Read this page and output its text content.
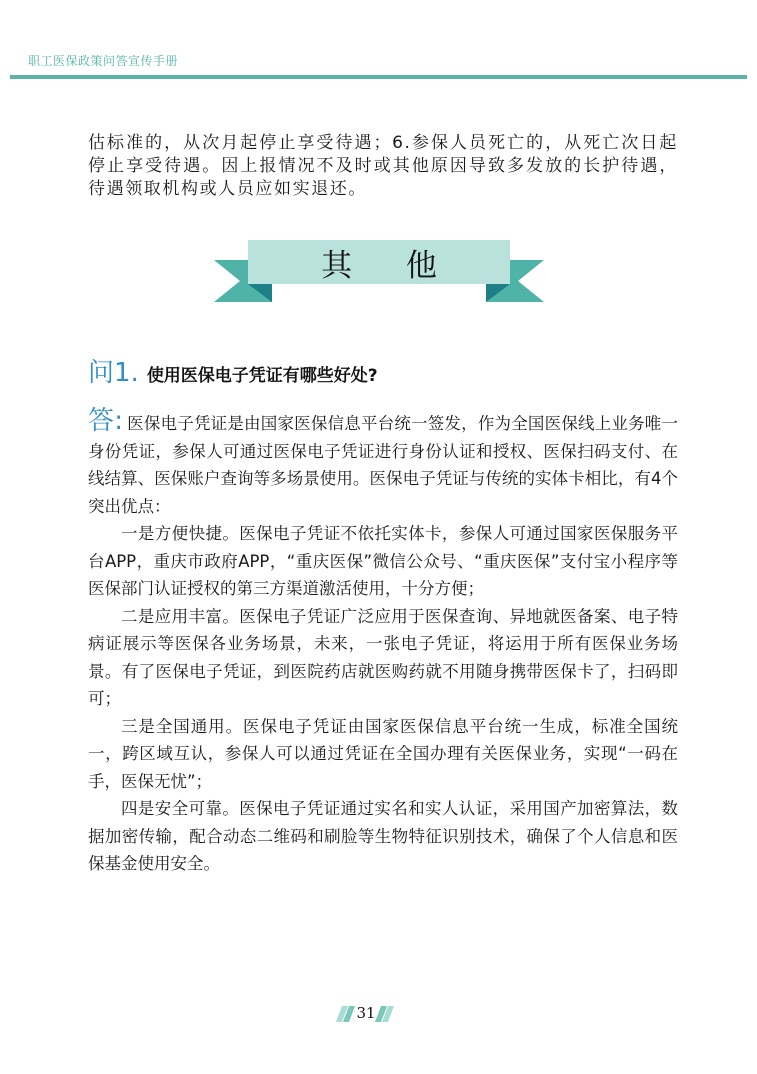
职工医保政策问答宣传手册

估标准的，从次月起停止享受待遇；6.参保人员死亡的，从死亡次日起停止享受待遇。因上报情况不及时或其他原因导致多发放的长护待遇，待遇领取机构或人员应如实退还。

其 他
问1. 使用医保电子凭证有哪些好处?

答: 医保电子凭证是由国家医保信息平台统一签发，作为全国医保线上业务唯一身份凭证，参保人可通过医保电子凭证进行身份认证和授权、医保扫码支付、在线结算、医保账户查询等多场景使用。医保电子凭证与传统的实体卡相比，有4个突出优点：

一是方便快捷。医保电子凭证不依托实体卡，参保人可通过国家医保服务平台APP，重庆市政府APP，“重庆医保”微信公众号、“重庆医保”支付宝小程序等医保部门认证授权的第三方渠道激活使用，十分方便；

二是应用丰富。医保电子凭证广泛应用于医保查询、异地就医备案、电子特病证展示等医保各业务场景，未来，一张电子凭证，将运用于所有医保业务场景。有了医保电子凭证，到医院药店就医购药就不用随身携带医保卡了，扫码即可；

三是全国通用。医保电子凭证由国家医保信息平台统一生成，标准全国统一，跨区域互认，参保人可以通过凭证在全国办理有关医保业务，实现“一码在手，医保无忧”；

四是安全可靠。医保电子凭证通过实名和实人认证，采用国产加密算法，数据加密传输，配合动态二维码和刷脸等生物特征识别技术，确保了个人信息和医保基金使用安全。

31
